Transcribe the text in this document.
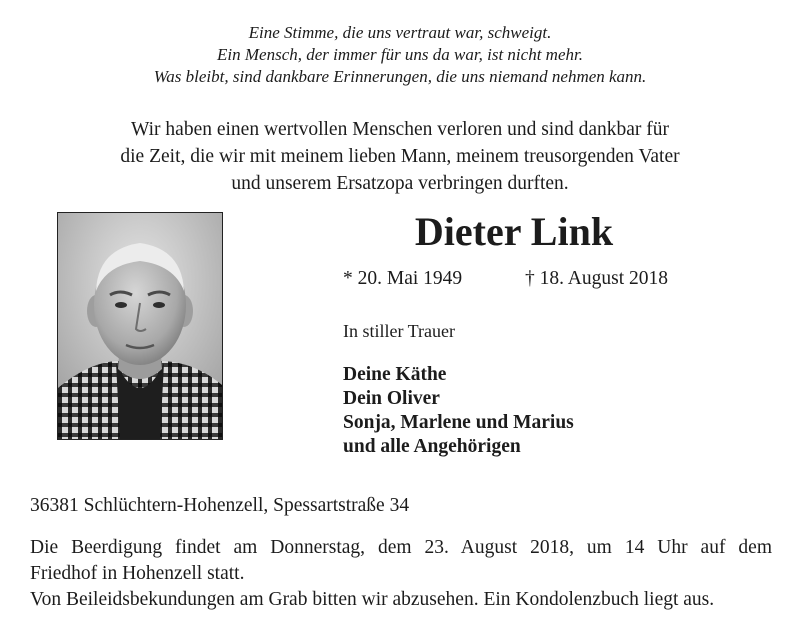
Eine Stimme, die uns vertraut war, schweigt.
Ein Mensch, der immer für uns da war, ist nicht mehr.
Was bleibt, sind dankbare Erinnerungen, die uns niemand nehmen kann.
Wir haben einen wertvollen Menschen verloren und sind dankbar für
die Zeit, die wir mit meinem lieben Mann, meinem treusorgenden Vater
und unserem Ersatzopa verbringen durften.
Dieter Link
* 20. Mai 1949	† 18. August 2018
In stiller Trauer
Deine Käthe
Dein Oliver
Sonja, Marlene und Marius
und alle Angehörigen
36381 Schlüchtern-Hohenzell, Spessartstraße 34
Die Beerdigung findet am Donnerstag, dem 23. August 2018, um 14 Uhr auf dem
Friedhof in Hohenzell statt.
Von Beileidsbekundungen am Grab bitten wir abzusehen. Ein Kondolenzbuch liegt aus.
